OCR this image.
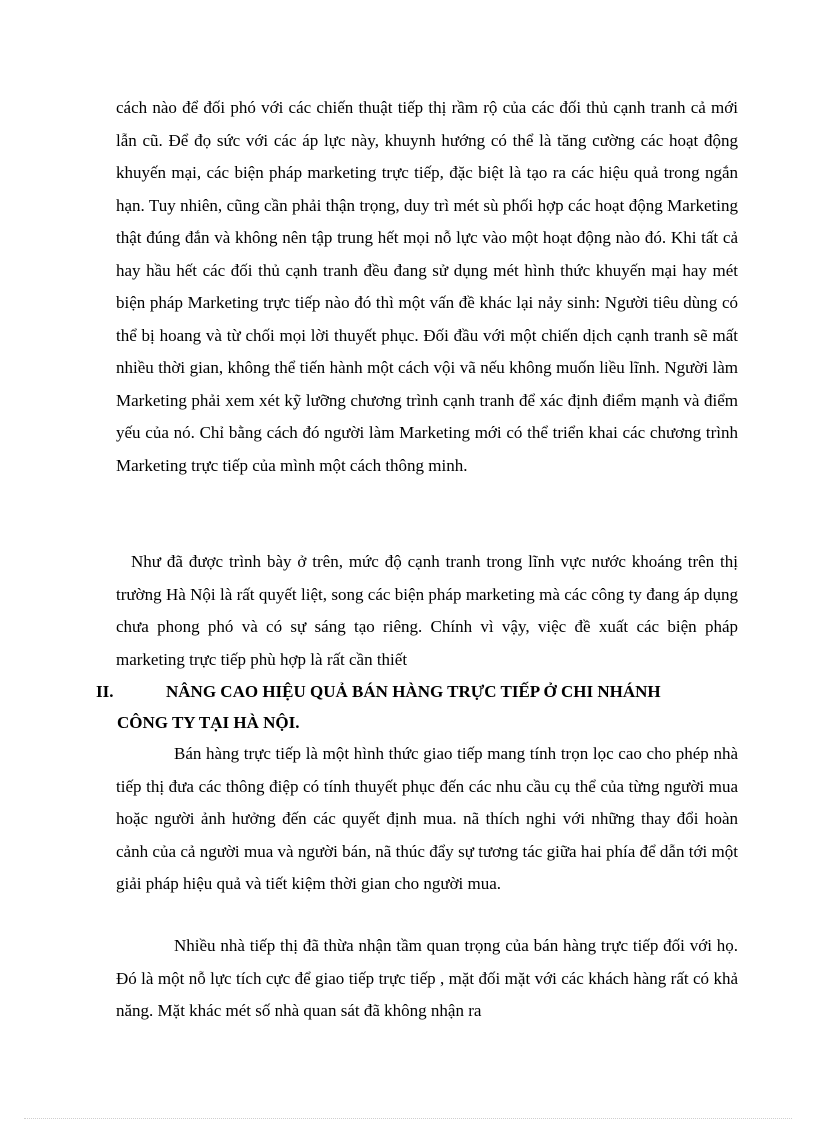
cách nào để đối phó với các chiến thuật tiếp thị rầm rộ của các đối thủ cạnh tranh cả mới lẫn cũ. Để đọ sức với các áp lực này, khuynh hướng có thể là tăng cường các hoạt động khuyến mại, các biện pháp marketing trực tiếp, đặc biệt là tạo ra các hiệu quả trong ngắn hạn. Tuy nhiên, cũng cần phải thận trọng, duy trì mét sù phối hợp các hoạt động Marketing thật đúng đắn và không nên tập trung hết mọi nỗ lực vào một hoạt động nào đó. Khi tất cả hay hầu hết các đối thủ cạnh tranh đều đang sử dụng mét hình thức khuyến mại hay mét biện pháp Marketing trực tiếp nào đó thì một vấn đề khác lại nảy sinh: Người tiêu dùng có thể bị hoang và từ chối mọi lời thuyết phục. Đối đầu với một chiến dịch cạnh tranh sẽ mất nhiều thời gian, không thể tiến hành một cách vội vã nếu không muốn liều lĩnh. Người làm Marketing phải xem xét kỹ lưỡng chương trình cạnh tranh để xác định điểm mạnh và điểm yếu của nó. Chỉ bằng cách đó người làm Marketing mới có thể triển khai các chương trình Marketing trực tiếp của mình một cách thông minh.

Như đã được trình bày ở trên, mức độ cạnh tranh trong lĩnh vực nước khoáng trên thị trường Hà Nội là rất quyết liệt, song các biện pháp marketing mà các công ty đang áp dụng chưa phong phó và có sự sáng tạo riêng. Chính vì vậy, việc đề xuất các biện pháp marketing trực tiếp phù hợp là rất cần thiết

II.	NÂNG CAO HIỆU QUẢ BÁN HÀNG TRỰC TIẾP Ở CHI NHÁNH
CÔNG TY TẠI HÀ NỘI.

Bán hàng trực tiếp là một hình thức giao tiếp mang tính trọn lọc cao cho phép nhà tiếp thị đưa các thông điệp có tính thuyết phục đến các nhu cầu cụ thể của từng người mua hoặc người ảnh hưởng đến các quyết định mua. nã thích nghi với những thay đổi hoàn cảnh của cả người mua và người bán, nã thúc đẩy sự tương tác giữa hai phía để dẫn tới một giải pháp hiệu quả và tiết kiệm thời gian cho người mua.

Nhiều nhà tiếp thị đã thừa nhận tầm quan trọng của bán hàng trực tiếp đối với họ. Đó là một nỗ lực tích cực để giao tiếp trực tiếp , mặt đối mặt với các khách hàng rất có khả năng. Mặt khác mét số nhà quan sát đã không nhận ra
